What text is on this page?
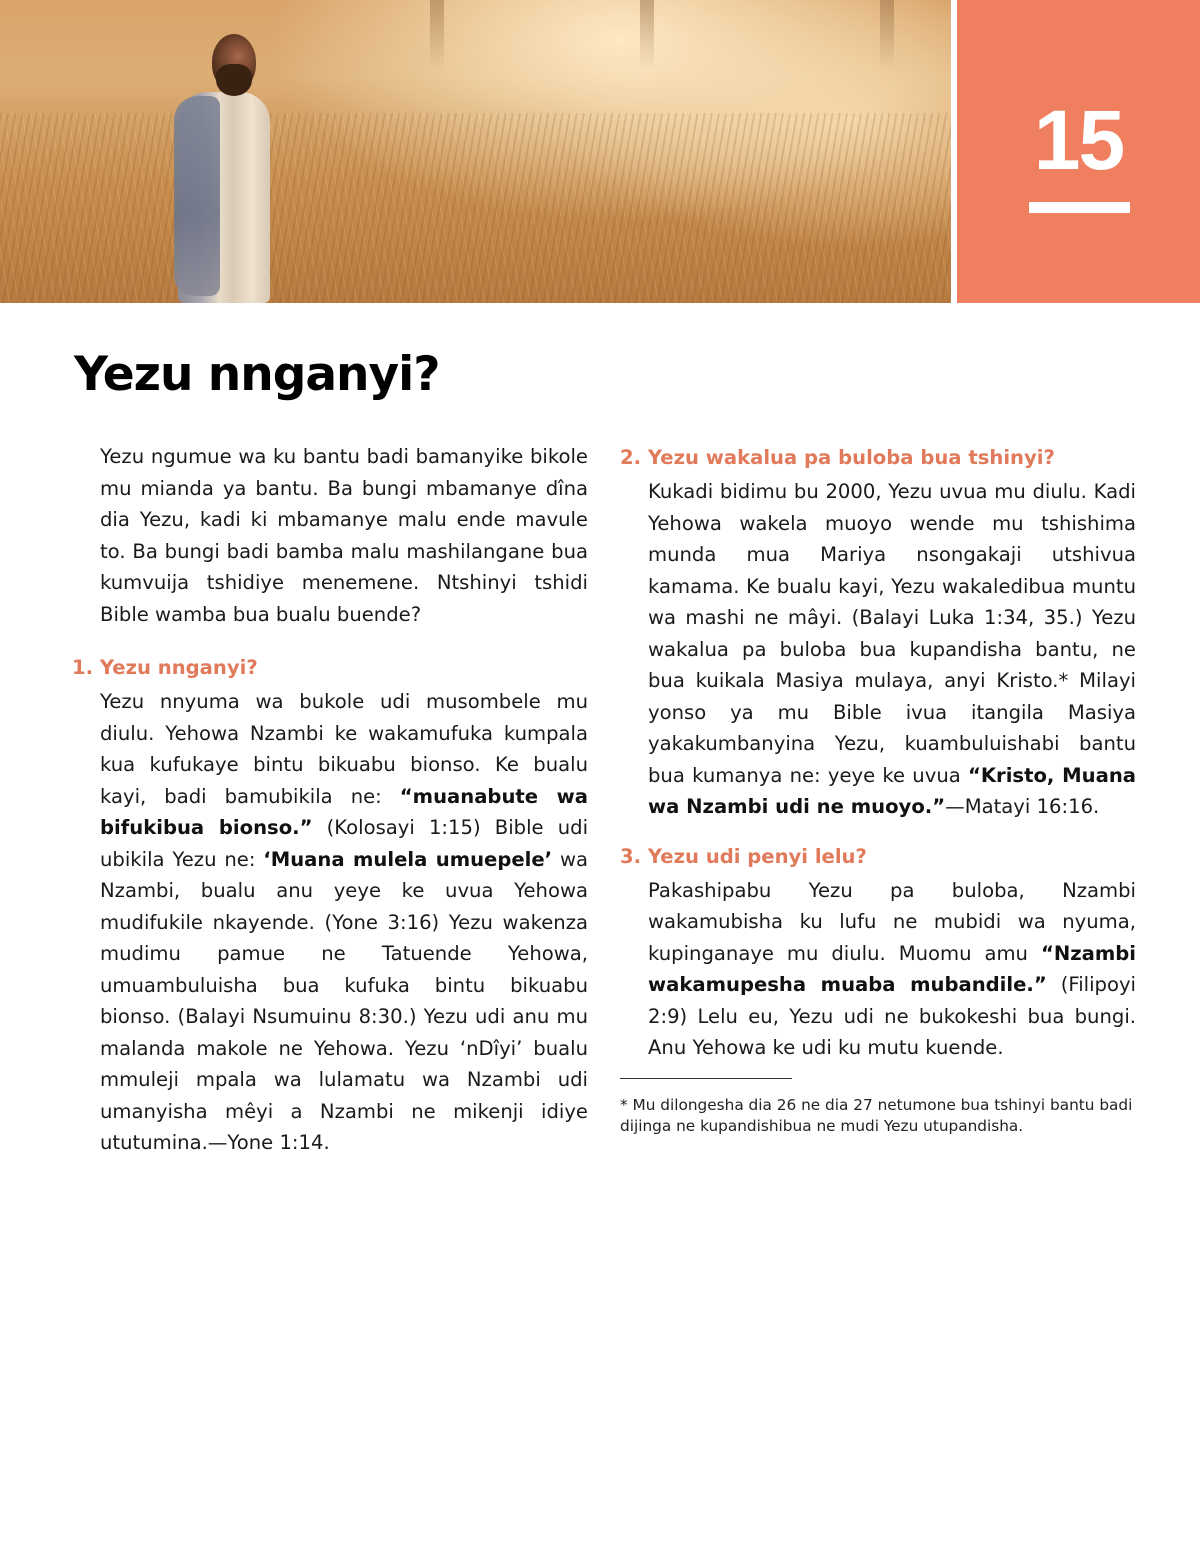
15
Yezu nnganyi?

Yezu ngumue wa ku bantu badi bamanyike bikole mu mianda ya bantu. Ba bungi mbamanye dîna dia Yezu, kadi ki mbamanye malu ende mavule to. Ba bungi badi bamba malu mashilangane bua kumvuija tshidiye menemene. Ntshinyi tshidi Bible wamba bua bualu buende?

1. Yezu nnganyi?

Yezu nnyuma wa bukole udi musombele mu diulu. Yehowa Nzambi ke wakamufuka kumpala kua kufukaye bintu bikuabu bionso. Ke bualu kayi, badi bamubikila ne: “muanabute wa bifukibua bionso.” (Kolosayi 1:15) Bible udi ubikila Yezu ne: ‘Muana mulela umuepele’ wa Nzambi, bualu anu yeye ke uvua Yehowa mudifukile nkayende. (Yone 3:16) Yezu wakenza mudimu pamue ne Tatuende Yehowa, umuambuluisha bua kufuka bintu bikuabu bionso. (Balayi Nsumuinu 8:30.) Yezu udi anu mu malanda makole ne Yehowa. Yezu ‘nDîyi’ bualu mmuleji mpala wa lulamatu wa Nzambi udi umanyisha mêyi a Nzambi ne mikenji idiye ututumina.—Yone 1:14.

2. Yezu wakalua pa buloba bua tshinyi?

Kukadi bidimu bu 2000, Yezu uvua mu diulu. Kadi Yehowa wakela muoyo wende mu tshishima munda mua Mariya nsongakaji utshivua kamama. Ke bualu kayi, Yezu wakaledibua muntu wa mashi ne mâyi. (Balayi Luka 1:34, 35.) Yezu wakalua pa buloba bua kupandisha bantu, ne bua kuikala Masiya mulaya, anyi Kristo.* Milayi yonso ya mu Bible ivua itangila Masiya yakakumbanyina Yezu, kuambuluishabi bantu bua kumanya ne: yeye ke uvua “Kristo, Muana wa Nzambi udi ne muoyo.”—Matayi 16:16.

3. Yezu udi penyi lelu?

Pakashipabu Yezu pa buloba, Nzambi wakamubisha ku lufu ne mubidi wa nyuma, kupinganaye mu diulu. Muomu amu “Nzambi wakamupesha muaba mubandile.” (Filipoyi 2:9) Lelu eu, Yezu udi ne bukokeshi bua bungi. Anu Yehowa ke udi ku mutu kuende.

* Mu dilongesha dia 26 ne dia 27 netumone bua tshinyi bantu badi dijinga ne kupandishibua ne mudi Yezu utupandisha.
